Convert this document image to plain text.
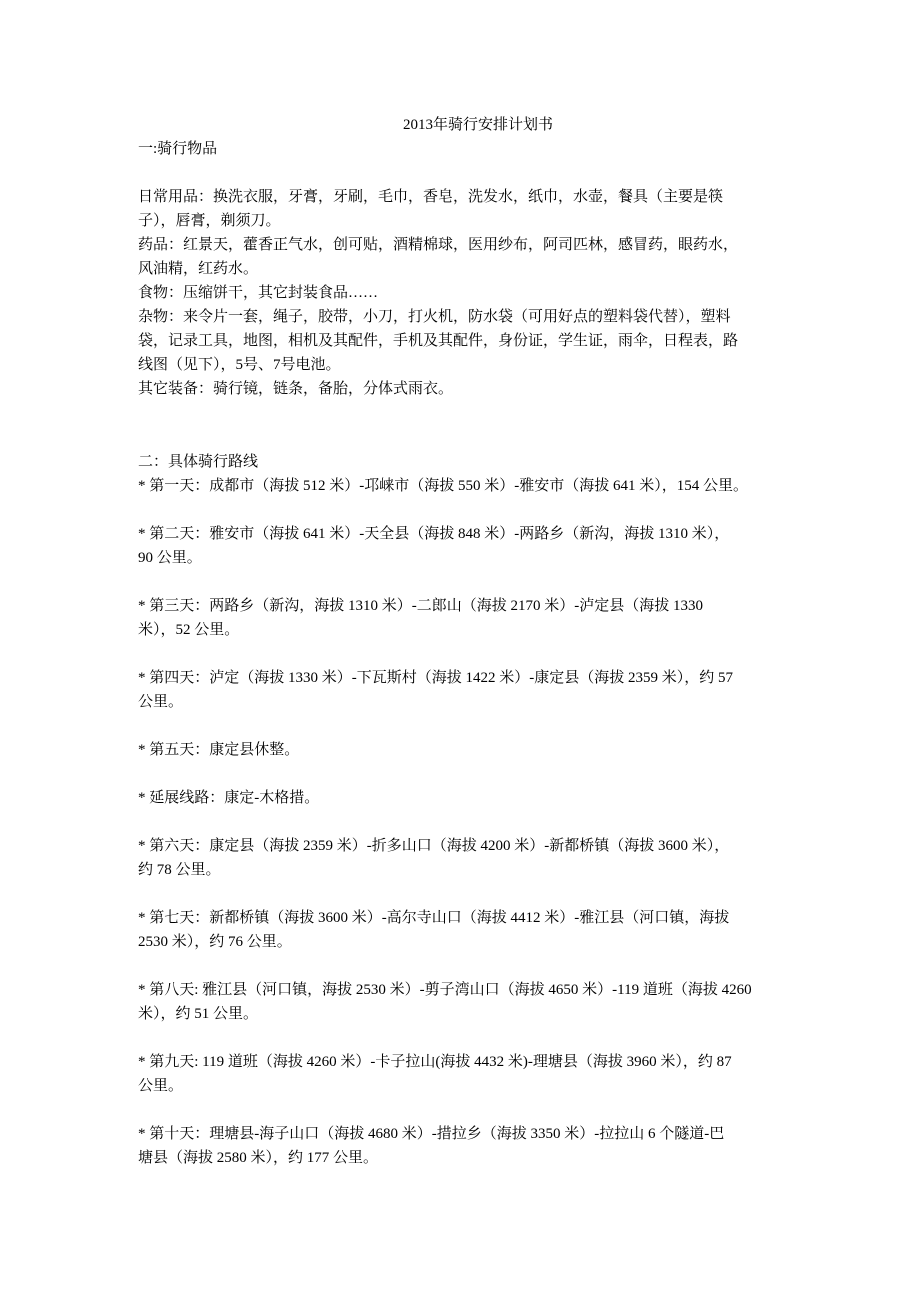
2013年骑行安排计划书
一:骑行物品
日常用品：换洗衣服，牙膏，牙刷，毛巾，香皂，洗发水，纸巾，水壶，餐具（主要是筷
子），唇膏，剃须刀。
药品：红景天，藿香正气水，创可贴，酒精棉球，医用纱布，阿司匹林，感冒药，眼药水，
风油精，红药水。
食物：压缩饼干，其它封装食品……
杂物：来令片一套，绳子，胶带，小刀，打火机，防水袋（可用好点的塑料袋代替），塑料
袋，记录工具，地图，相机及其配件，手机及其配件，身份证，学生证，雨伞，日程表，路
线图（见下），5号、7号电池。
其它装备：骑行镜，链条，备胎，分体式雨衣。
二：具体骑行路线
* 第一天：成都市（海拔 512 米）-邛崃市（海拔 550 米）-雅安市（海拔 641 米），154 公里。
* 第二天：雅安市（海拔 641 米）-天全县（海拔 848 米）-两路乡（新沟，海拔 1310 米），
90 公里。
* 第三天：两路乡（新沟，海拔 1310 米）-二郎山（海拔 2170 米）-泸定县（海拔 1330
米），52 公里。
* 第四天：泸定（海拔 1330 米）-下瓦斯村（海拔 1422 米）-康定县（海拔 2359 米），约 57
公里。
* 第五天：康定县休整。
* 延展线路：康定-木格措。
* 第六天：康定县（海拔 2359 米）-折多山口（海拔 4200 米）-新都桥镇（海拔 3600 米），
约 78 公里。
* 第七天：新都桥镇（海拔 3600 米）-高尔寺山口（海拔 4412 米）-雅江县（河口镇，海拔
2530 米），约 76 公里。
* 第八天: 雅江县（河口镇，海拔 2530 米）-剪子湾山口（海拔 4650 米）-119 道班（海拔 4260
米），约 51 公里。
* 第九天: 119 道班（海拔 4260 米）-卡子拉山(海拔 4432 米)-理塘县（海拔 3960 米），约 87
公里。
* 第十天：理塘县-海子山口（海拔 4680 米）-措拉乡（海拔 3350 米）-拉拉山 6 个隧道-巴
塘县（海拔 2580 米），约 177 公里。
